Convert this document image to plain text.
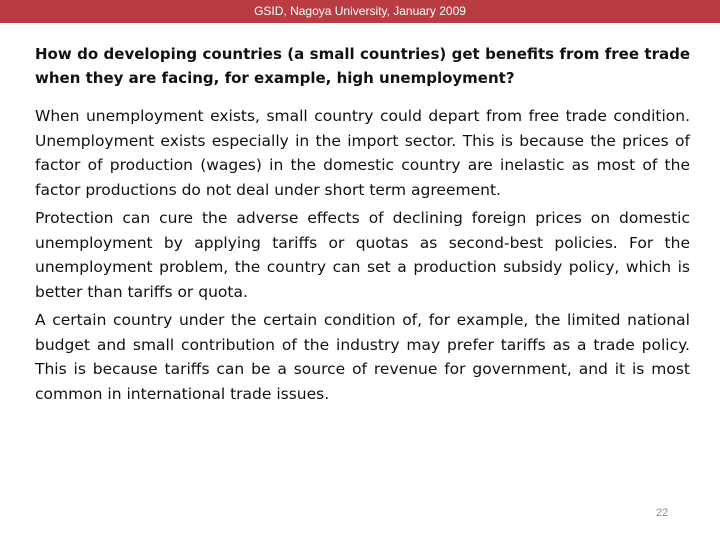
GSID, Nagoya University, January 2009

How do developing countries (a small countries) get benefits from free trade when they are facing, for example, high unemployment?

When unemployment exists, small country could depart from free trade condition. Unemployment exists especially in the import sector. This is because the prices of factor of production (wages) in the domestic country are inelastic as most of the factor productions do not deal under short term agreement.

Protection can cure the adverse effects of declining foreign prices on domestic unemployment by applying tariffs or quotas as second-best policies. For the unemployment problem, the country can set a production subsidy policy, which is better than tariffs or quota.

A certain country under the certain condition of, for example, the limited national budget and small contribution of the industry may prefer tariffs as a trade policy. This is because tariffs can be a source of revenue for government, and it is most common in international trade issues.

22
